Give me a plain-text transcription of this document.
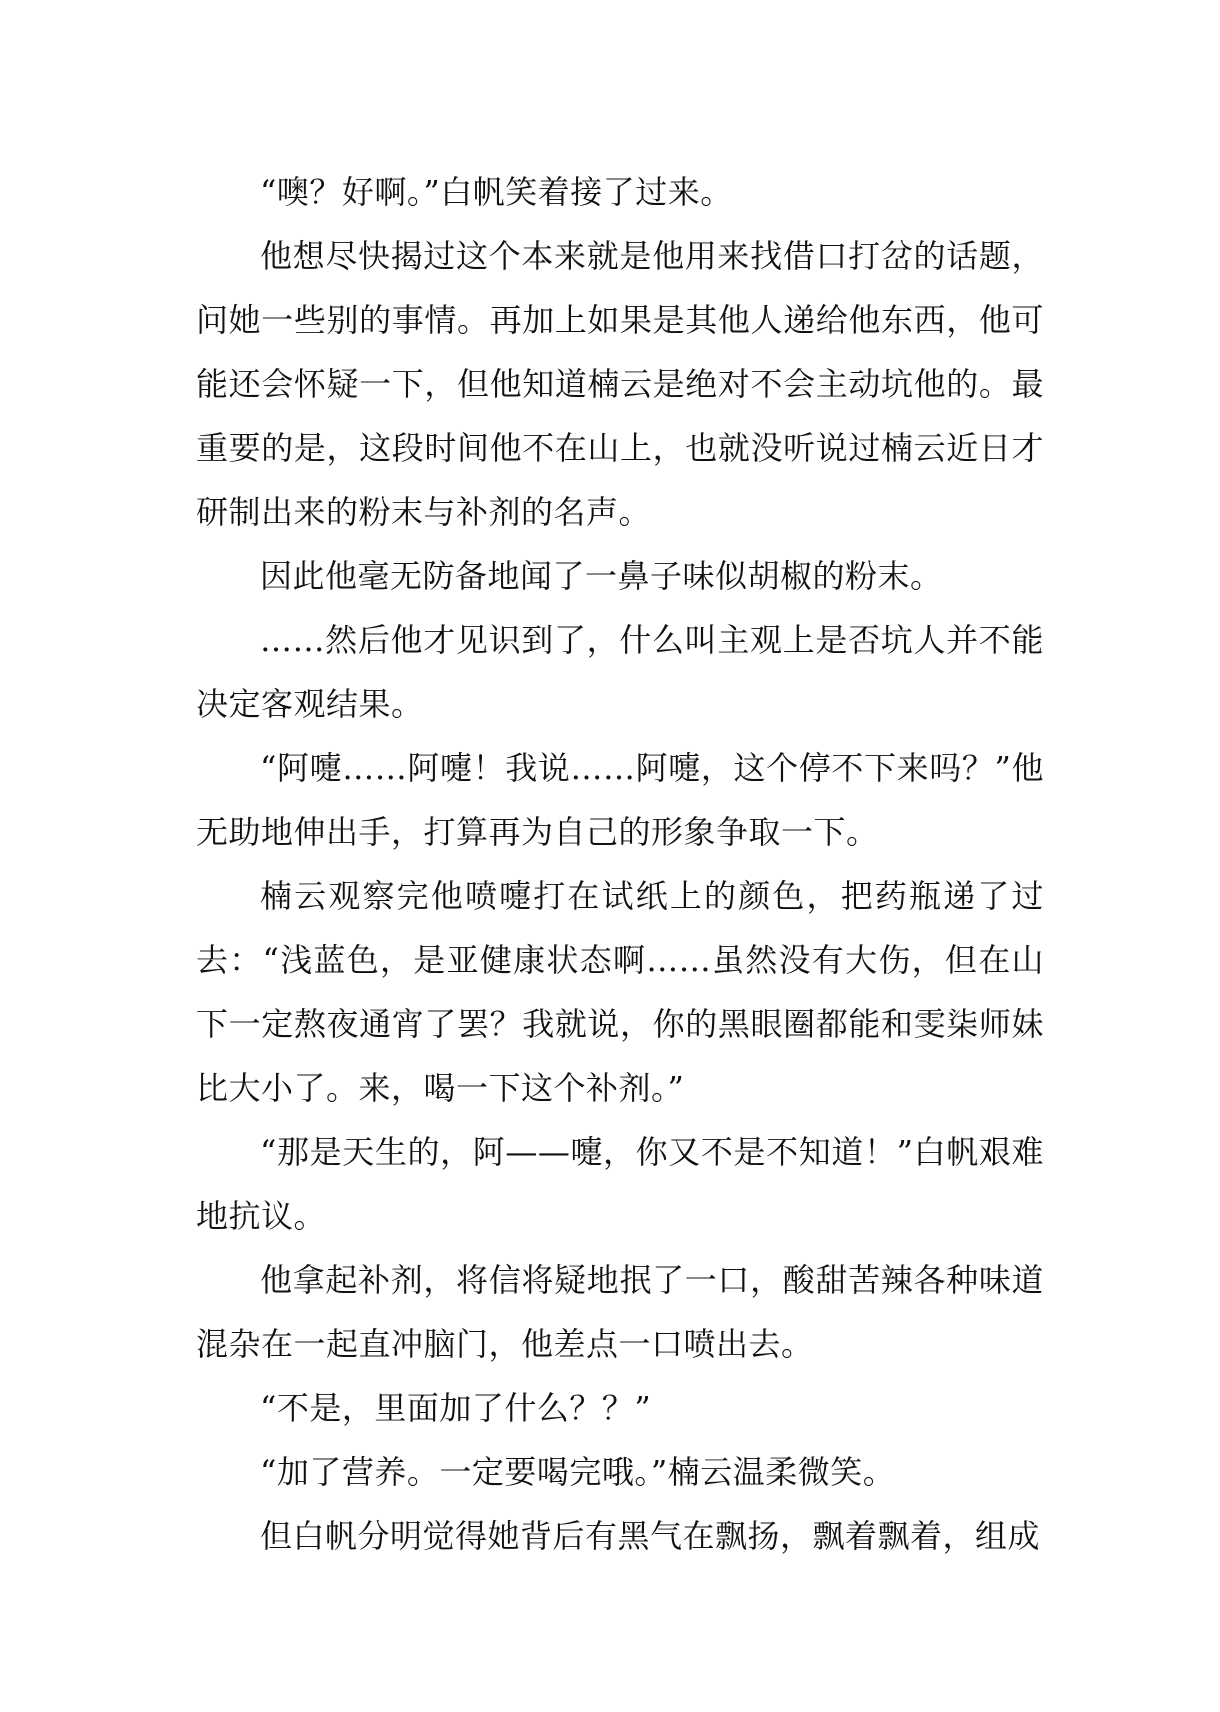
“噢？好啊。”白帆笑着接了过来。

他想尽快揭过这个本来就是他用来找借口打岔的话题，问她一些别的事情。再加上如果是其他人递给他东西，他可能还会怀疑一下，但他知道楠云是绝对不会主动坑他的。最重要的是，这段时间他不在山上，也就没听说过楠云近日才研制出来的粉末与补剂的名声。

因此他毫无防备地闻了一鼻子味似胡椒的粉末。

……然后他才见识到了，什么叫主观上是否坑人并不能决定客观结果。

“阿嚏……阿嚏！我说……阿嚏，这个停不下来吗？”他无助地伸出手，打算再为自己的形象争取一下。

楠云观察完他喷嚏打在试纸上的颜色，把药瓶递了过去：“浅蓝色，是亚健康状态啊……虽然没有大伤，但在山下一定熬夜通宵了罢？我就说，你的黑眼圈都能和雯柒师妹比大小了。来，喝一下这个补剂。”

“那是天生的，阿——嚏，你又不是不知道！”白帆艰难地抗议。

他拿起补剂，将信将疑地抿了一口，酸甜苦辣各种味道混杂在一起直冲脑门，他差点一口喷出去。

“不是，里面加了什么？？”

“加了营养。一定要喝完哦。”楠云温柔微笑。

但白帆分明觉得她背后有黑气在飘扬，飘着飘着，组成
